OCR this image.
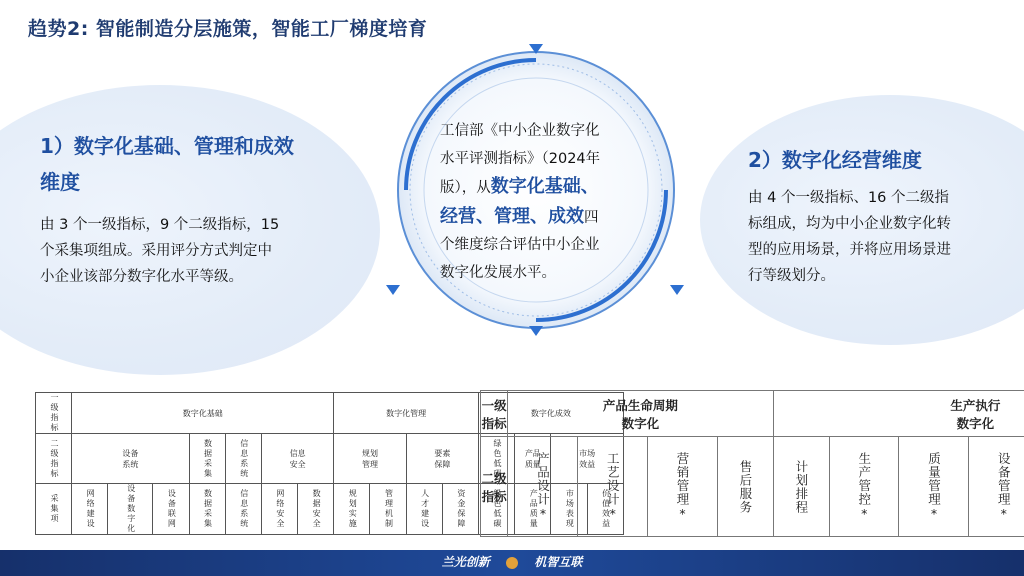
趋势2: 智能制造分层施策，智能工厂梯度培育
1）数字化基础、管理和成效
维度
由 3 个一级指标，9 个二级指标，15
个采集项组成。采用评分方式判定中
小企业该部分数字化水平等级。
工信部《中小企业数字化
水平评测指标》（2024年
版），从数字化基础、
经营、管理、成效四
个维度综合评估中小企业
数字化发展水平。
2）数字化经营维度
由 4 个一级指标、16 个二级指
标组成，均为中小企业数字化转
型的应用场景，并将应用场景进
行等级划分。
一级指标	数字化基础							数字化管理				数字化成效			

二级指标	设备系统			数据采集	信息系统	信息安全		规划管理		要素保障		绿色低碳	产品质量	市场效益	

采集项	网络建设	设备数字化	设备联网	数据采集	信息系统	网络安全	数据安全	规划实施	管理机制	人才建设	资金保障	绿色低碳	产品质量	市场表现	价值效益
一级指标	产品生命周期数字化				生产执行数字化

二级指标	产品设计*	工艺设计*	营销管理*	售后服务	计划排程	生产管控*	质量管理*	设备管理*

兰光创新	机智互联
